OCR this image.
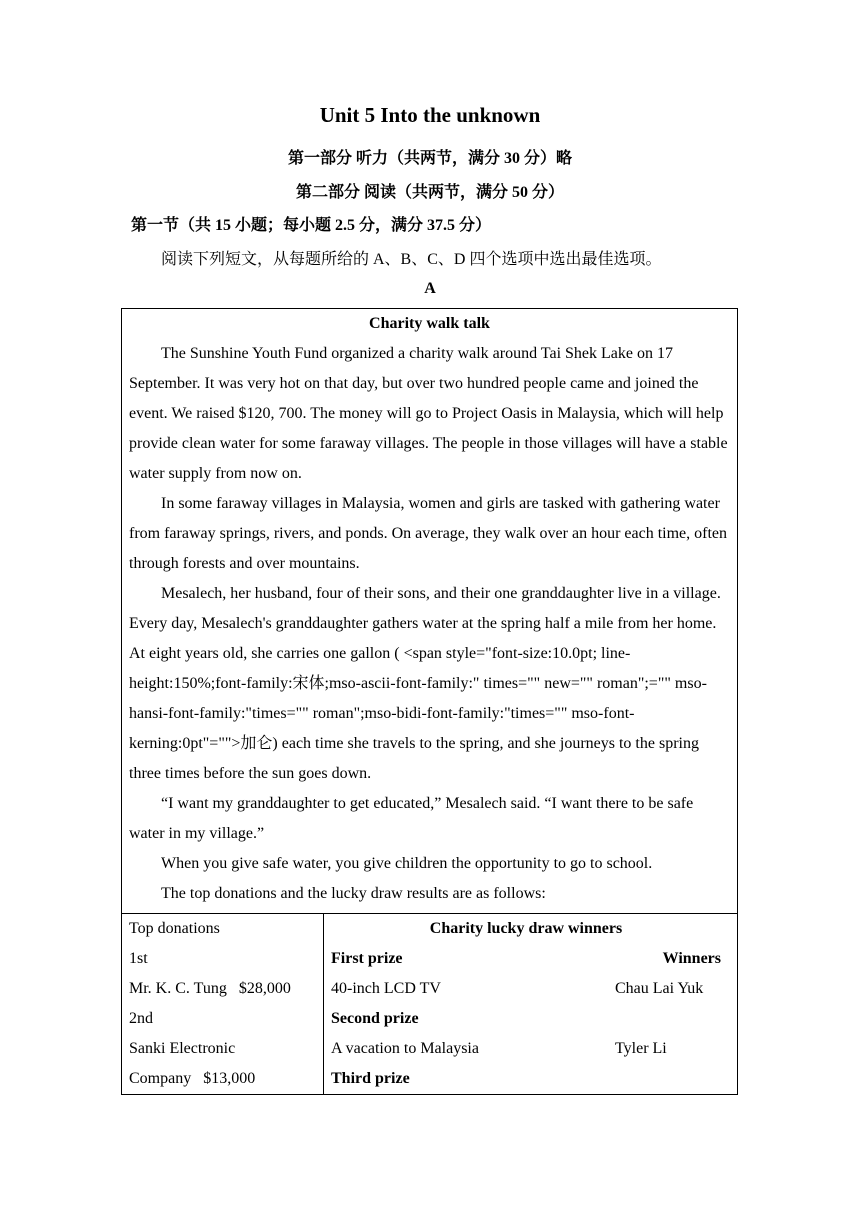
Unit 5 Into the unknown
第一部分 听力（共两节，满分 30 分）略
第二部分 阅读（共两节，满分 50 分）
第一节（共 15 小题；每小题 2.5 分，满分 37.5 分）
阅读下列短文，从每题所给的 A、B、C、D 四个选项中选出最佳选项。
A
Charity walk talk

The Sunshine Youth Fund organized a charity walk around Tai Shek Lake on 17 September. It was very hot on that day, but over two hundred people came and joined the event. We raised $120, 700. The money will go to Project Oasis in Malaysia, which will help provide clean water for some faraway villages. The people in those villages will have a stable water supply from now on.

In some faraway villages in Malaysia, women and girls are tasked with gathering water from faraway springs, rivers, and ponds. On average, they walk over an hour each time, often through forests and over mountains.

Mesalech, her husband, four of their sons, and their one granddaughter live in a village. Every day, Mesalech's granddaughter gathers water at the spring half a mile from her home. At eight years old, she carries one gallon ( <span style="font-size:10.0pt; line-height:150%;font-family:宋体;mso-ascii-font-family:" times="" new="" roman";="" mso-hansi-font-family:"times="" roman";mso-bidi-font-family:"times="" mso-font-kerning:0pt"="">加仑) each time she travels to the spring, and she journeys to the spring three times before the sun goes down.

“I want my granddaughter to get educated,” Mesalech said. “I want there to be safe water in my village.”

When you give safe water, you give children the opportunity to go to school.

The top donations and the lucky draw results are as follows:

Top donations
1st
Mr. K. C. Tung   $28,000
2nd
Sanki Electronic
Company   $13,000

Charity lucky draw winners
First prize	Winners
40-inch LCD TV	Chau Lai Yuk
Second prize
A vacation to Malaysia	Tyler Li
Third prize
